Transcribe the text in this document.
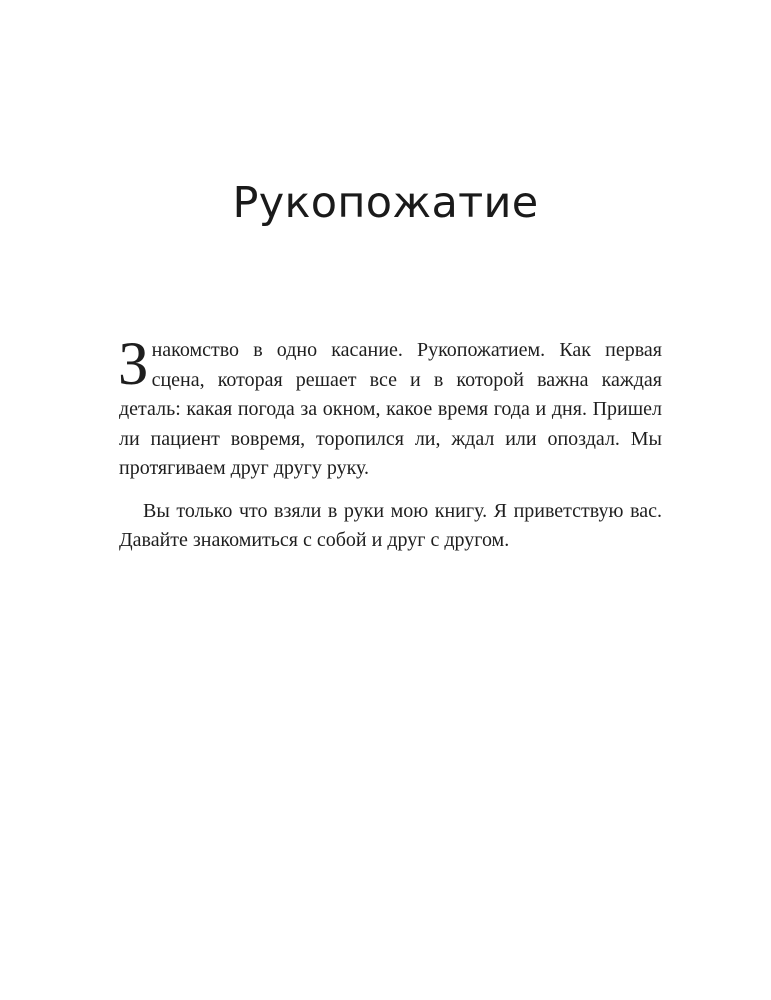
Рукопожатие

Знакомство в одно касание. Рукопожатием. Как первая сцена, которая решает все и в которой важна каждая деталь: какая погода за окном, какое время года и дня. Пришел ли пациент вовремя, торопился ли, ждал или опоздал. Мы протягиваем друг другу руку.

Вы только что взяли в руки мою книгу. Я приветствую вас. Давайте знакомиться с собой и друг с другом.
